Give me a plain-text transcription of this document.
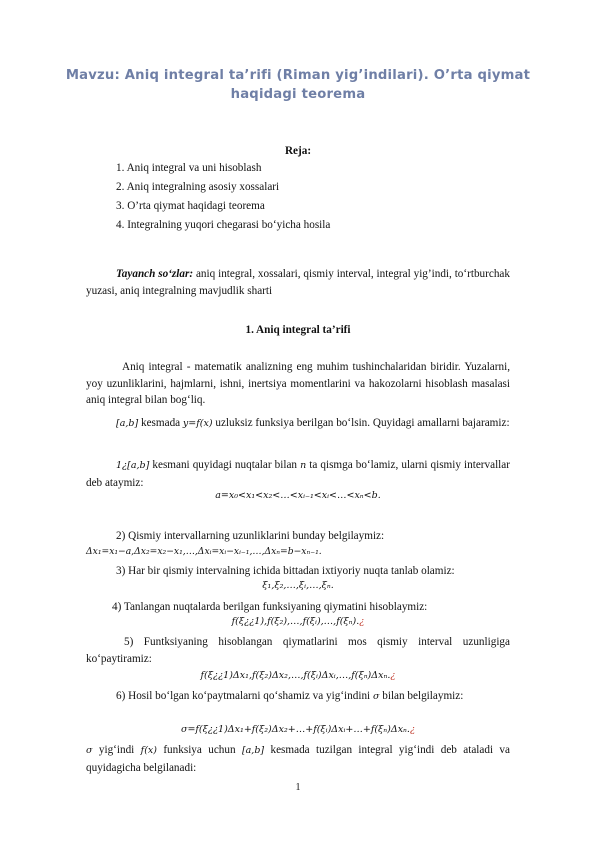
Mavzu: Aniq integral ta’rifi (Riman yig’indilari). O’rta qiymat haqidagi teorema
Reja:
1. Aniq integral va uni hisoblash
2. Aniq integralning asosiy xossalari
3. O’rta qiymat haqidagi teorema
4. Integralning yuqori chegarasi bo‘yicha hosila
Tayanch so‘zlar: aniq integral, xossalari, qismiy interval, integral yig’indi, to‘rtburchak yuzasi, aniq integralning mavjudlik sharti
1. Aniq integral ta’rifi
Aniq integral - matematik analizning eng muhim tushinchalaridan biridir. Yuzalarni, yoy uzunliklarini, hajmlarni, ishni, inertsiya momentlarini va hakozolarni hisoblash masalasi aniq integral bilan bog‘liq.
[a,b] kesmada y=f(x) uzluksiz funksiya berilgan bo‘lsin. Quyidagi amallarni bajaramiz:
1¿[a,b] kesmani quyidagi nuqtalar bilan n ta qismga bo‘lamiz, ularni qismiy intervallar deb ataymiz:
a=x₀<x₁<x₂<…<xᵢ₋₁<xᵢ<…<xₙ<b.
2) Qismiy intervallarning uzunliklarini bunday belgilaymiz:
Δx₁=x₁−a,Δx₂=x₂−x₁,…,Δxᵢ=xᵢ−xᵢ₋₁,…,Δxₙ=b−xₙ₋₁.
3) Har bir qismiy intervalning ichida bittadan ixtiyoriy nuqta tanlab olamiz:
ξ₁,ξ₂,…,ξᵢ,…,ξₙ.
4) Tanlangan nuqtalarda berilgan funksiyaning qiymatini hisoblaymiz:
f(ξ¿¿1),f(ξ₂),…,f(ξᵢ),…,f(ξₙ).¿
5) Funtksiyaning hisoblangan qiymatlarini mos qismiy interval uzunligiga ko‘paytiramiz:
f(ξ¿¿1)Δx₁,f(ξ₂)Δx₂,…,f(ξᵢ)Δxᵢ,…,f(ξₙ)Δxₙ.¿
6) Hosil bo‘lgan ko‘paytmalarni qo‘shamiz va yig‘indini σ bilan belgilaymiz:
σ=f(ξ¿¿1)Δx₁+f(ξ₂)Δx₂+…+f(ξᵢ)Δxᵢ+…+f(ξₙ)Δxₙ.¿
σ yig‘indi f(x) funksiya uchun [a,b] kesmada tuzilgan integral yig‘indi deb ataladi va quyidagicha belgilanadi:
1
